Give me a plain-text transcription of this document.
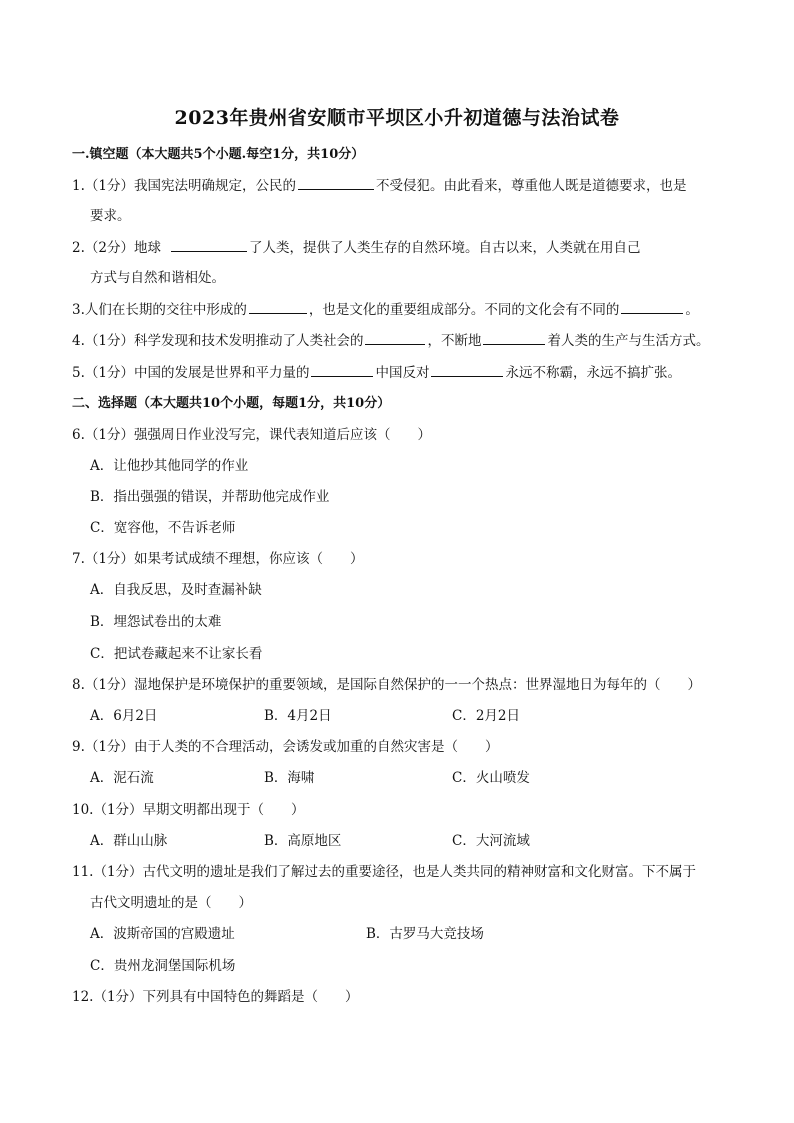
2023年贵州省安顺市平坝区小升初道德与法治试卷
一.镇空题（本大题共5个小题.每空1分，共10分）
1.（1分）我国宪法明确规定，公民的	不受侵犯。由此看来，尊重他人既是道德要求，也是
要求。
2.（2分）地球	了人类，提供了人类生存的自然环境。自古以来，人类就在用自己
方式与自然和谐相处。
3.人们在长期的交往中形成的	，也是文化的重要组成部分。不同的文化会有不同的	。
4.（1分）科学发现和技术发明推动了人类社会的	，不断地	着人类的生产与生活方式。
5.（1分）中国的发展是世界和平力量的	中国反对	永远不称霸，永远不搞扩张。
二、选择题（本大题共10个小题，每题1分，共10分）
6.（1分）强强周日作业没写完，课代表知道后应该（　　）
A．让他抄其他同学的作业
B．指出强强的错误，并帮助他完成作业
C．宽容他，不告诉老师
7.（1分）如果考试成绩不理想，你应该（　　）
A．自我反思，及时查漏补缺
B．埋怨试卷出的太难
C．把试卷藏起来不让家长看
8.（1分）湿地保护是环境保护的重要领域，是国际自然保护的一一个热点：世界湿地日为每年的（　　）
A．6月2日	B．4月2日	C．2月2日
9.（1分）由于人类的不合理活动，会诱发或加重的自然灾害是（　　）
A．泥石流	B．海啸	C．火山喷发
10.（1分）早期文明都出现于（　　）
A．群山山脉	B．高原地区	C．大河流域
11.（1分）古代文明的遗址是我们了解过去的重要途径，也是人类共同的精神财富和文化财富。下不属于
古代文明遗址的是（　　）
A．波斯帝国的宫殿遗址	B．古罗马大竞技场
C．贵州龙洞堡国际机场
12.（1分）下列具有中国特色的舞蹈是（　　）
